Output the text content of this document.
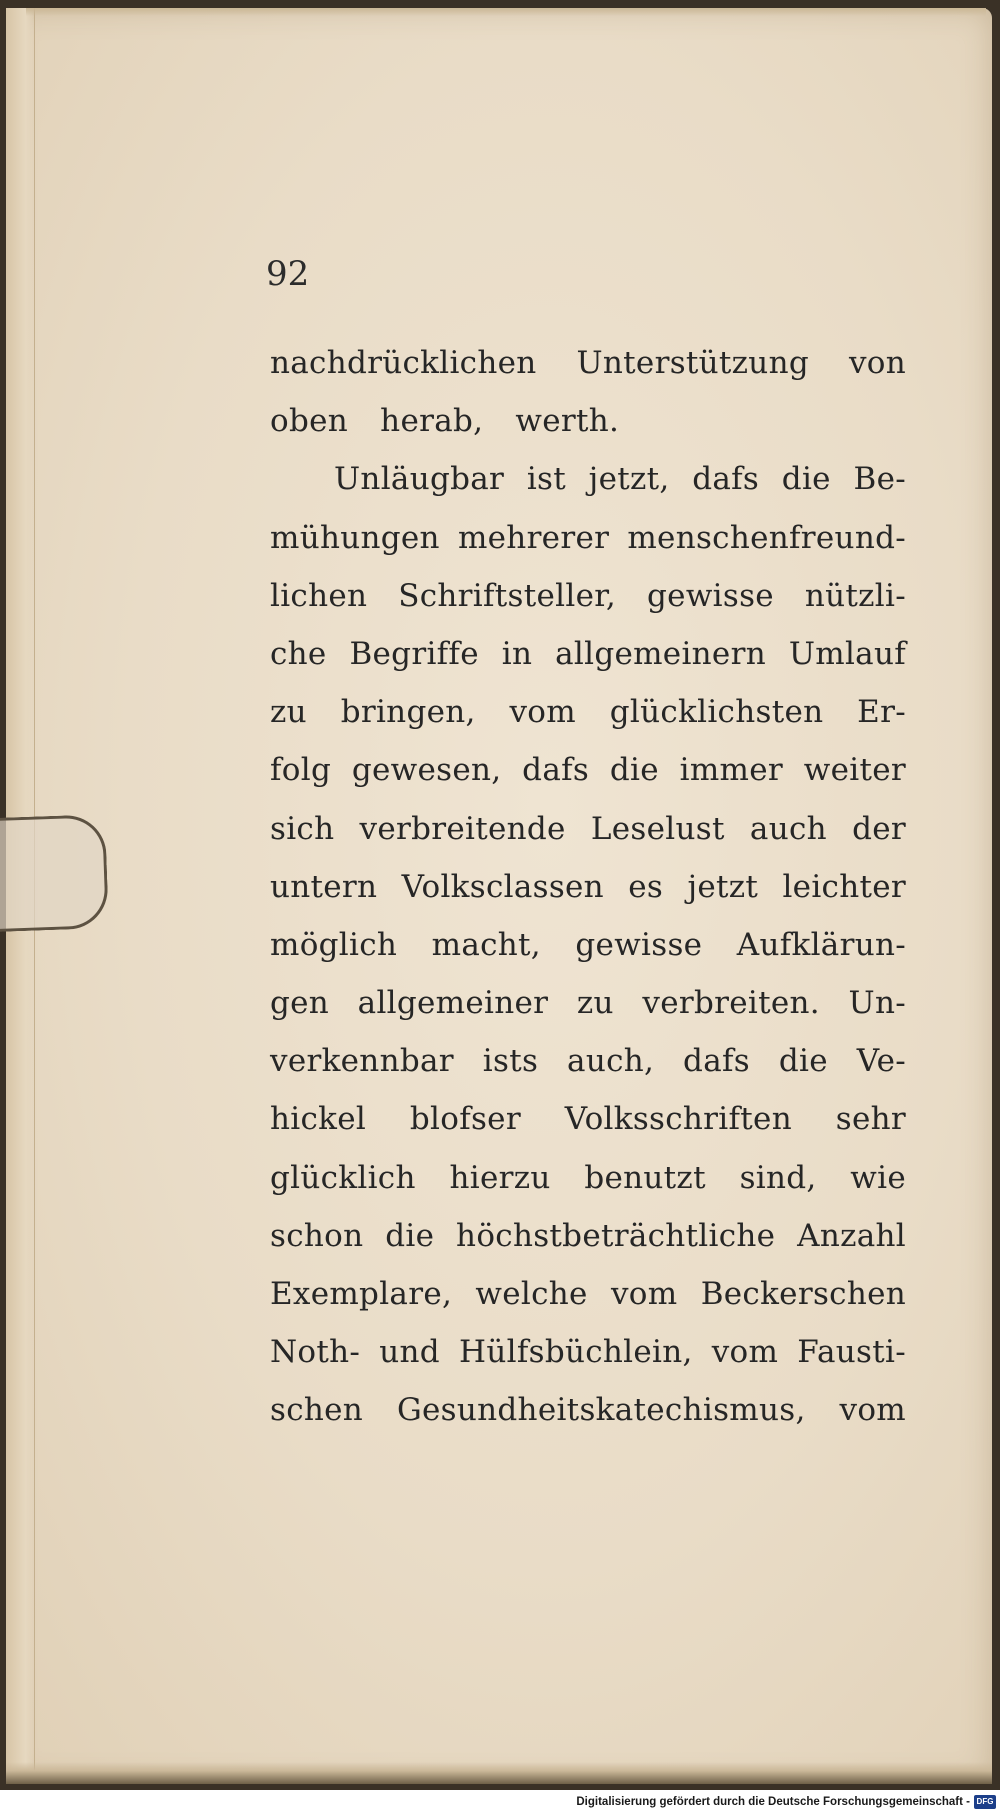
92
nachdrücklichen Unterstützung von
oben herab, werth.
Unläugbar ist jetzt, dafs die Be-
mühungen mehrerer menschenfreund-
lichen Schriftsteller, gewisse nützli-
che Begriffe in allgemeinern Umlauf
zu bringen, vom glücklichsten Er-
folg gewesen, dafs die immer weiter
sich verbreitende Leselust auch der
untern Volksclassen es jetzt leichter
möglich macht, gewisse Aufklärun-
gen allgemeiner zu verbreiten. Un-
verkennbar ists auch, dafs die Ve-
hickel blofser Volksschriften sehr
glücklich hierzu benutzt sind, wie
schon die höchstbeträchtliche Anzahl
Exemplare, welche vom Beckerschen
Noth- und Hülfsbüchlein, vom Fausti-
schen Gesundheitskatechismus, vom
Digitalisierung gefördert durch die Deutsche Forschungsgemeinschaft - DFG
